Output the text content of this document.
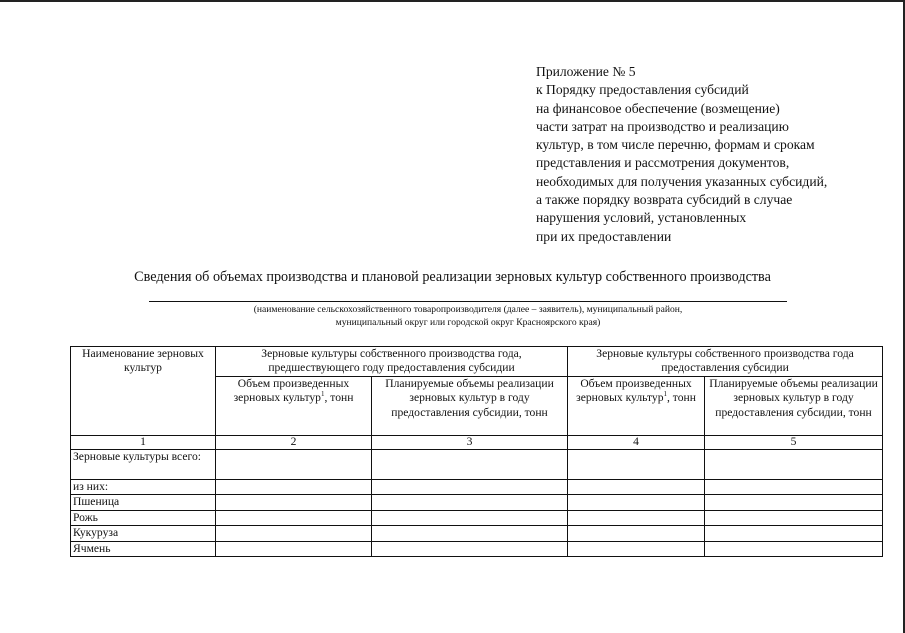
Приложение № 5
к Порядку предоставления субсидий
на финансовое обеспечение (возмещение)
части затрат на производство и реализацию
культур, в том числе перечню, формам и срокам
представления и рассмотрения документов,
необходимых для получения указанных субсидий,
а также порядку возврата субсидий в случае
нарушения условий, установленных
при их предоставлении
Сведения об объемах производства и плановой реализации зерновых культур собственного производства
(наименование сельскохозяйственного товаропроизводителя (далее – заявитель), муниципальный район,
муниципальный округ или городской округ Красноярского края)
Наименование зерновых культур	Зерновые культуры собственного производства года, предшествующего году предоставления субсидии		Зерновые культуры собственного производства года предоставления субсидии	
	Объем произведенных зерновых культур$^1$, тонн	Планируемые объемы реализации зерновых культур в году предоставления субсидии, тонн	Объем произведенных зерновых культур$^1$, тонн	Планируемые объемы реализации зерновых культур в году предоставления субсидии, тонн
1	2	3	4	5
Зерновые культуры всего:				
из них:				
Пшеница				
Рожь				
Кукуруза				
Ячмень				
